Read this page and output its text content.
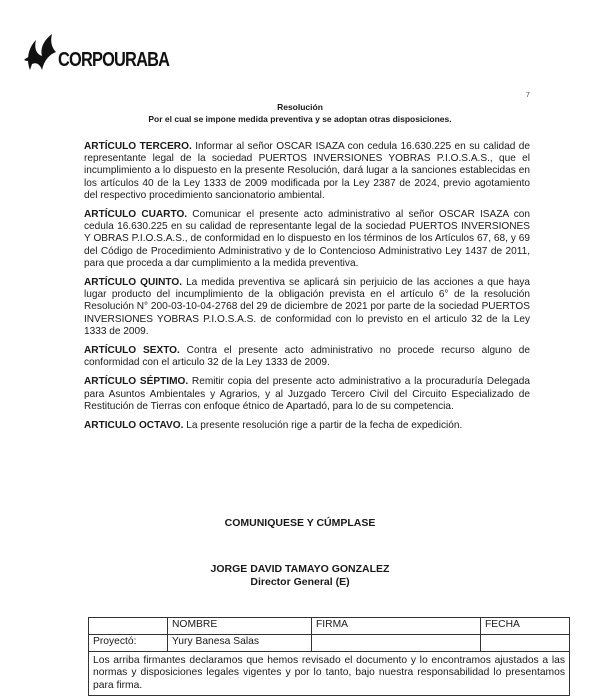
CORPOURABA
7
Resolución
Por el cual se impone medida preventiva y se adoptan otras disposiciones.

ARTÍCULO TERCERO. Informar al señor OSCAR ISAZA con cedula 16.630.225 en su calidad de representante legal de la sociedad PUERTOS INVERSIONES YOBRAS P.I.O.S.A.S., que el incumplimiento a lo dispuesto en la presente Resolución, dará lugar a la sanciones establecidas en los artículos 40 de la Ley 1333 de 2009 modificada por la Ley 2387 de 2024, previo agotamiento del respectivo procedimiento sancionatorio ambiental.

ARTÍCULO CUARTO. Comunicar el presente acto administrativo al señor OSCAR ISAZA con cedula 16.630.225 en su calidad de representante legal de la sociedad PUERTOS INVERSIONES Y OBRAS P.I.O.S.A.S., de conformidad en lo dispuesto en los términos de los Artículos 67, 68, y 69 del Código de Procedimiento Administrativo y de lo Contencioso Administrativo Ley 1437 de 2011, para que proceda a dar cumplimiento a la medida preventiva.

ARTÍCULO QUINTO. La medida preventiva se aplicará sin perjuicio de las acciones a que haya lugar producto del incumplimiento de la obligación prevista en el artículo 6° de la resolución Resolución N° 200-03-10-04-2768 del 29 de diciembre de 2021 por parte de la sociedad PUERTOS INVERSIONES YOBRAS P.I.O.S.A.S. de conformidad con lo previsto en el articulo 32 de la Ley 1333 de 2009.

ARTÍCULO SEXTO. Contra el presente acto administrativo no procede recurso alguno de conformidad con el articulo 32 de la Ley 1333 de 2009.

ARTÍCULO SÉPTIMO. Remitir copia del presente acto administrativo a la procuraduría Delegada para Asuntos Ambientales y Agrarios, y al Juzgado Tercero Civil del Circuito Especializado de Restitución de Tierras con enfoque étnico de Apartadó, para lo de su competencia.

ARTICULO OCTAVO. La presente resolución rige a partir de la fecha de expedición.

COMUNIQUESE Y CÚMPLASE
JORGE DAVID TAMAYO GONZALEZ
Director General (E)
	NOMBRE	FIRMA	FECHA
Proyectó:	Yury Banesa Salas		
Los arriba firmantes declaramos que hemos revisado el documento y lo encontramos ajustados a las normas y disposiciones legales vigentes y por lo tanto, bajo nuestra responsabilidad lo presentamos para firma.			
